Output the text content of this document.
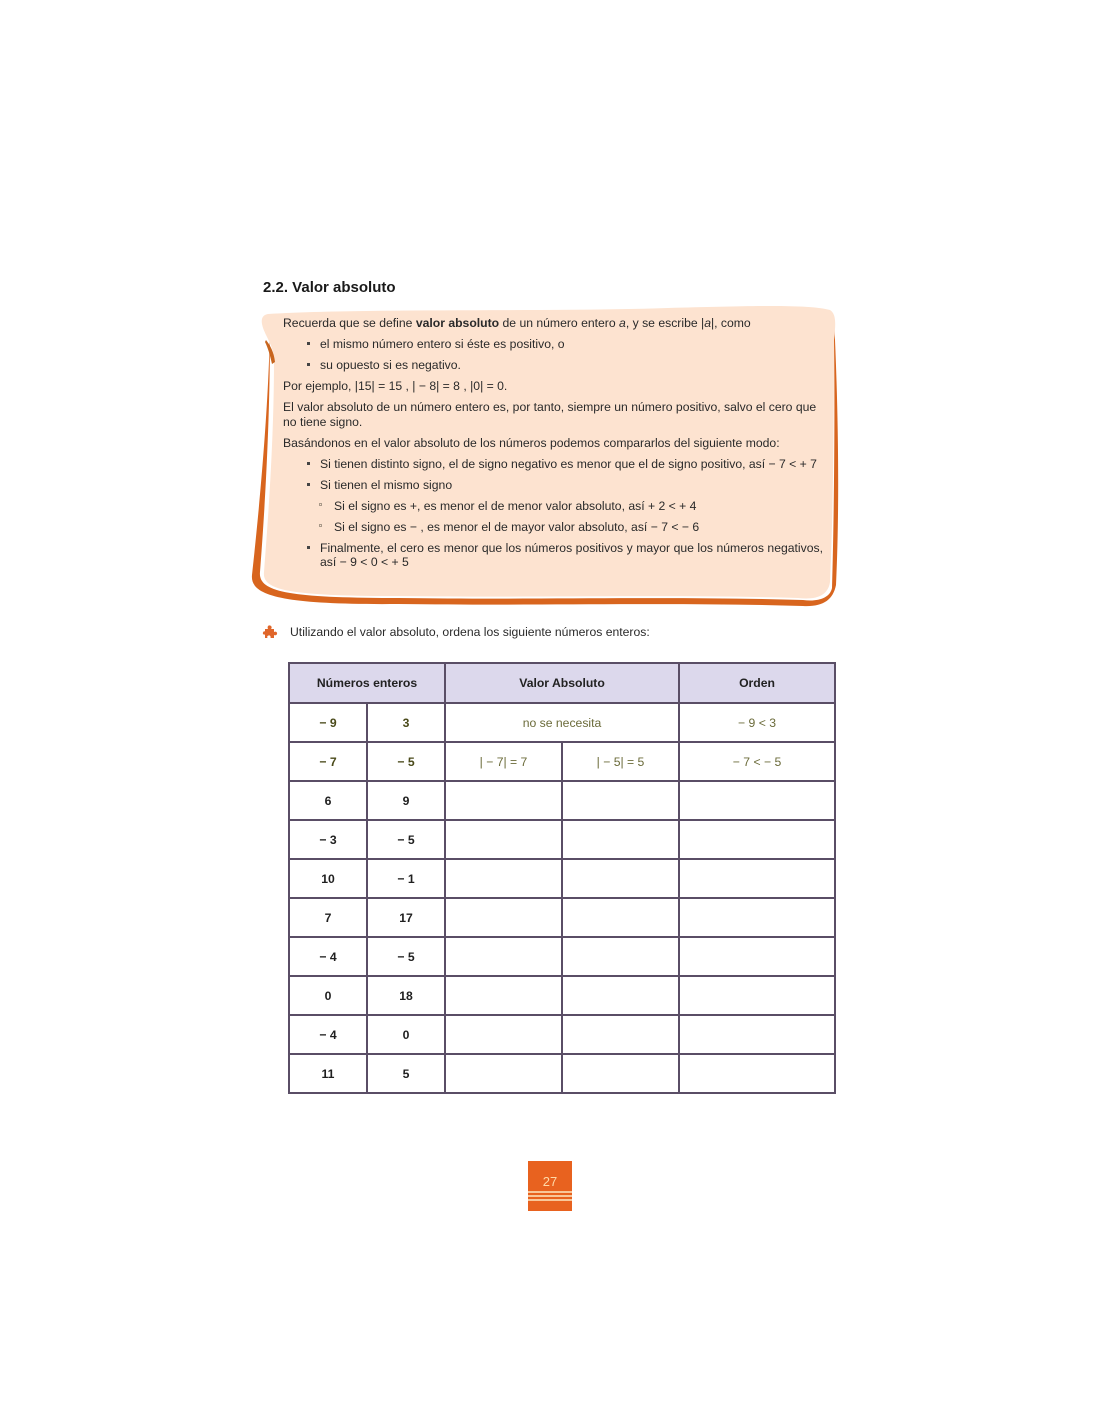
2.2. Valor absoluto

Recuerda que se define valor absoluto de un número entero a, y se escribe |a|, como

el mismo número entero si éste es positivo, o
su opuesto si es negativo.

Por ejemplo, |15| = 15 , | − 8| = 8 , |0| = 0.

El valor absoluto de un número entero es, por tanto, siempre un número positivo, salvo el cero que no tiene signo.

Basándonos en el valor absoluto de los números podemos compararlos del siguiente modo:

Si tienen distinto signo, el de signo negativo es menor que el de signo positivo, así − 7 < + 7
Si tienen el mismo signo
Si el signo es +, es menor el de menor valor absoluto, así + 2 < + 4
Si el signo es − , es menor el de mayor valor absoluto, así − 7 < − 6
Finalmente, el cero es menor que los números positivos y mayor que los números negativos, así − 9 < 0 < + 5
Utilizando el valor absoluto, ordena los siguiente números enteros:
Números enteros		Valor Absoluto		Orden
− 9	3	no se necesita		− 9 < 3
− 7	− 5	| − 7| = 7	| − 5| = 5	− 7 < − 5
6	9			
− 3	− 5			
10	− 1			
7	17			
− 4	− 5			
0	18			
− 4	0			
11	5			
27
